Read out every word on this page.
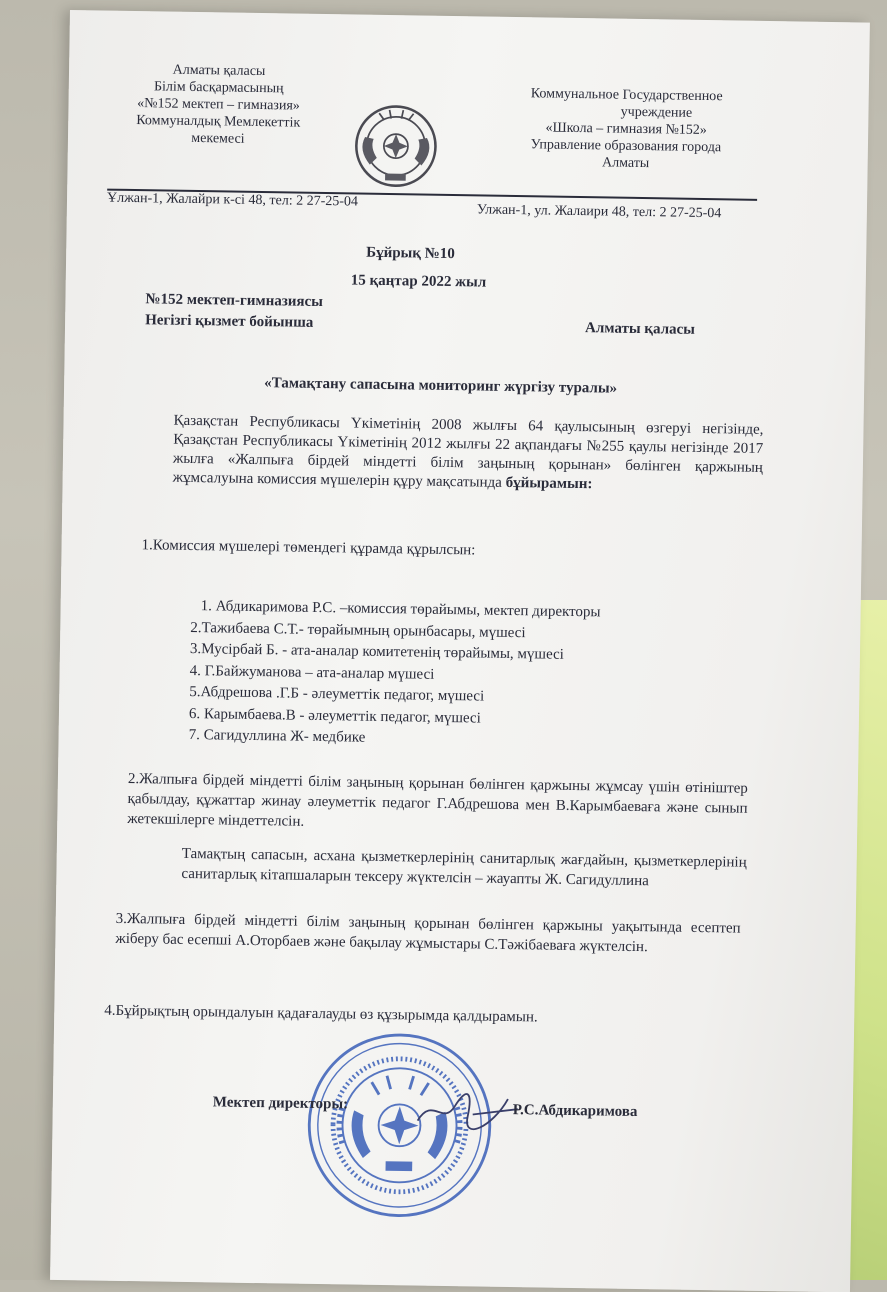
Алматы қаласы
Білім басқармасының
«№152 мектеп – гимназия»
Коммуналдық Мемлекеттік
мекемесі
Коммунальное Государственное
учреждение
«Школа – гимназия №152»
Управление образования города
Алматы
Ұлжан-1, Жалайри к-сі 48, тел: 2 27-25-04
Улжан-1, ул. Жалаири 48, тел: 2 27-25-04
Бұйрық №10
15 қаңтар 2022 жыл
№152 мектеп-гимназиясы
Негізгі қызмет бойынша	Алматы қаласы
«Тамақтану сапасына мониторинг жүргізу туралы»
Қазақстан Республикасы Үкіметінің 2008 жылғы 64 қаулысының өзгеруі негізінде, Қазақстан Республикасы Үкіметінің 2012 жылғы 22 ақпандағы №255 қаулы негізінде 2017 жылға «Жалпыға бірдей міндетті білім заңының қорынан» бөлінген қаржының жұмсалуына комиссия мүшелерін құру мақсатында бұйырамын:
1.Комиссия мүшелері төмендегі құрамда құрылсын:
1. Абдикаримова Р.С. –комиссия төрайымы, мектеп директоры
2.Тажибаева С.Т.- төрайымның орынбасары, мүшесі
3.Мусірбай Б. - ата-аналар комитетенің төрайымы, мүшесі
4. Г.Байжуманова – ата-аналар мүшесі
5.Абдрешова .Г.Б - әлеуметтік педагог, мүшесі
6. Карымбаева.В - әлеуметтік педагог, мүшесі
7. Сагидуллина Ж- медбике
2.Жалпыға бірдей міндетті білім заңының қорынан бөлінген қаржыны жұмсау үшін өтініштер қабылдау, құжаттар жинау әлеуметтік педагог Г.Абдрешова мен В.Карымбаеваға және сынып жетекшілерге міндеттелсін.
Тамақтың сапасын, асхана қызметкерлерінің санитарлық жағдайын, қызметкерлерінің санитарлық кітапшаларын тексеру жүктелсін – жауапты Ж. Сагидуллина
3.Жалпыға бірдей міндетті білім заңының қорынан бөлінген қаржыны уақытында есептеп жіберу бас есепші А.Оторбаев және бақылау жұмыстары С.Тәжібаеваға жүктелсін.
4.Бұйрықтың орындалуын қадағалауды өз құзырымда қалдырамын.
Мектеп директоры:	Р.С.Абдикаримова
